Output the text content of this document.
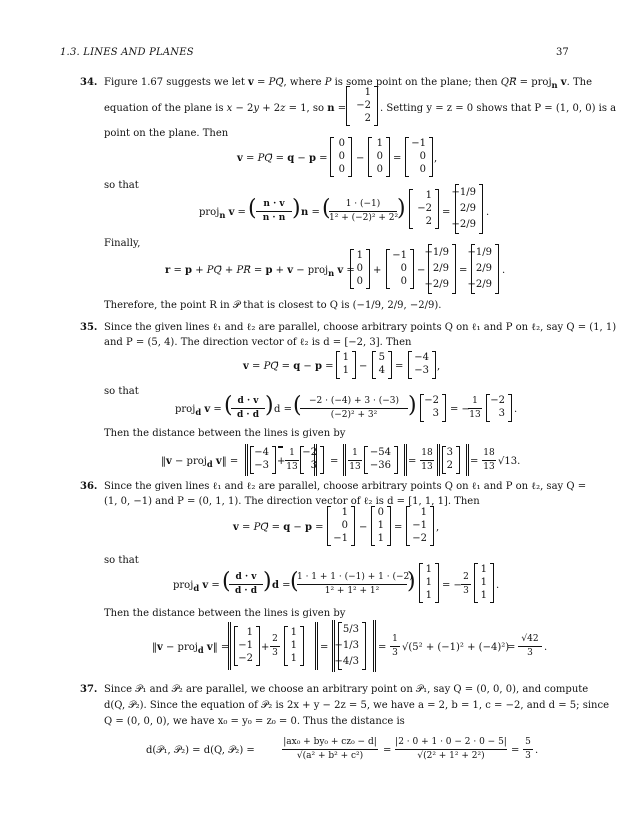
1.3. LINES AND PLANES	37
34. Figure 1.67 suggests we let v = PQ⃗, where P is some point on the plane; then QR⃗ = proj$_n$ v. The
equation of the plane is x − 2y + 2z = 1, so n =
1
−2
2
. Setting y = z = 0 shows that P = (1, 0, 0) is a
point on the plane. Then
v = PQ⃗ = q − p =
0
0
0
−
1
0
0
=
−1
0
0
,
so that
proj$_n$ v = ( n · v
n · n ) n = (	1 · (−1)
1² + (−2)² + 2²
)
1
−2
2
=
−1/9
2/9
−2/9
.
Finally,
r = p + PQ⃗ + PR⃗ = p + v − proj$_n$ v =
1
0
0
+
−1
0
0
−
−1/9
2/9
−2/9
=
−1/9
2/9
−2/9
.
Therefore, the point R in 𝒫 that is closest to Q is (−1/9, 2/9, −2/9).
35. Since the given lines ℓ₁ and ℓ₂ are parallel, choose arbitrary points Q on ℓ₁ and P on ℓ₂, say Q = (1, 1)
and P = (5, 4). The direction vector of ℓ₂ is d = [−2, 3]. Then
v = PQ⃗ = q − p =
1
1 −
5
4 =
−4
−3 ,
so that
proj$_d$ v = ( d · v
d · d ) d = ( −2 · (−4) + 3 · (−3)
(−2)² + 3²	) −2
3 = −
1
13
−2
3 .
Then the distance between the lines is given by
‖v − proj$_d$ v‖ =
−4
−3 +
1
13
−2
3 =
1
13
−54
−36 =
18
13
3
2 =
18
13 √13.
36. Since the given lines ℓ₁ and ℓ₂ are parallel, choose arbitrary points Q on ℓ₁ and P on ℓ₂, say Q =
(1, 0, −1) and P = (0, 1, 1). The direction vector of ℓ₂ is d = [1, 1, 1]. Then
v = PQ⃗ = q − p =
1
0
−1
−
0
1
1
=
1
−1
−2
,
so that
proj$_d$ v = ( d · v
d · d ) d = (
1 · 1 + 1 · (−1) + 1 · (−2)
1² + 1² + 1²	) 1
1
1
= −
2
3
1
1
1
.
Then the distance between the lines is given by
‖v − proj$_d$ v‖ =
1
−1
−2
+
2
3
1
1
1
=
5/3
−1/3
−4/3
=
1
3 √(5² + (−1)² + (−4)²)
=
√42
3	.
37. Since 𝒫₁ and 𝒫₂ are parallel, we choose an arbitrary point on 𝒫₁, say Q = (0, 0, 0), and compute
d(Q, 𝒫₂). Since the equation of 𝒫₂ is 2x + y − 2z = 5, we have a = 2, b = 1, c = −2, and d = 5; since
Q = (0, 0, 0), we have x₀ = y₀ = z₀ = 0. Thus the distance is
d(𝒫₁, 𝒫₂) = d(Q, 𝒫₂) =
|ax₀ + by₀ + cz₀ − d|
√(a² + b² + c²)	=
|2 · 0 + 1 · 0 − 2 · 0 − 5|
√(2² + 1² + 2²)	=
5
3 .
